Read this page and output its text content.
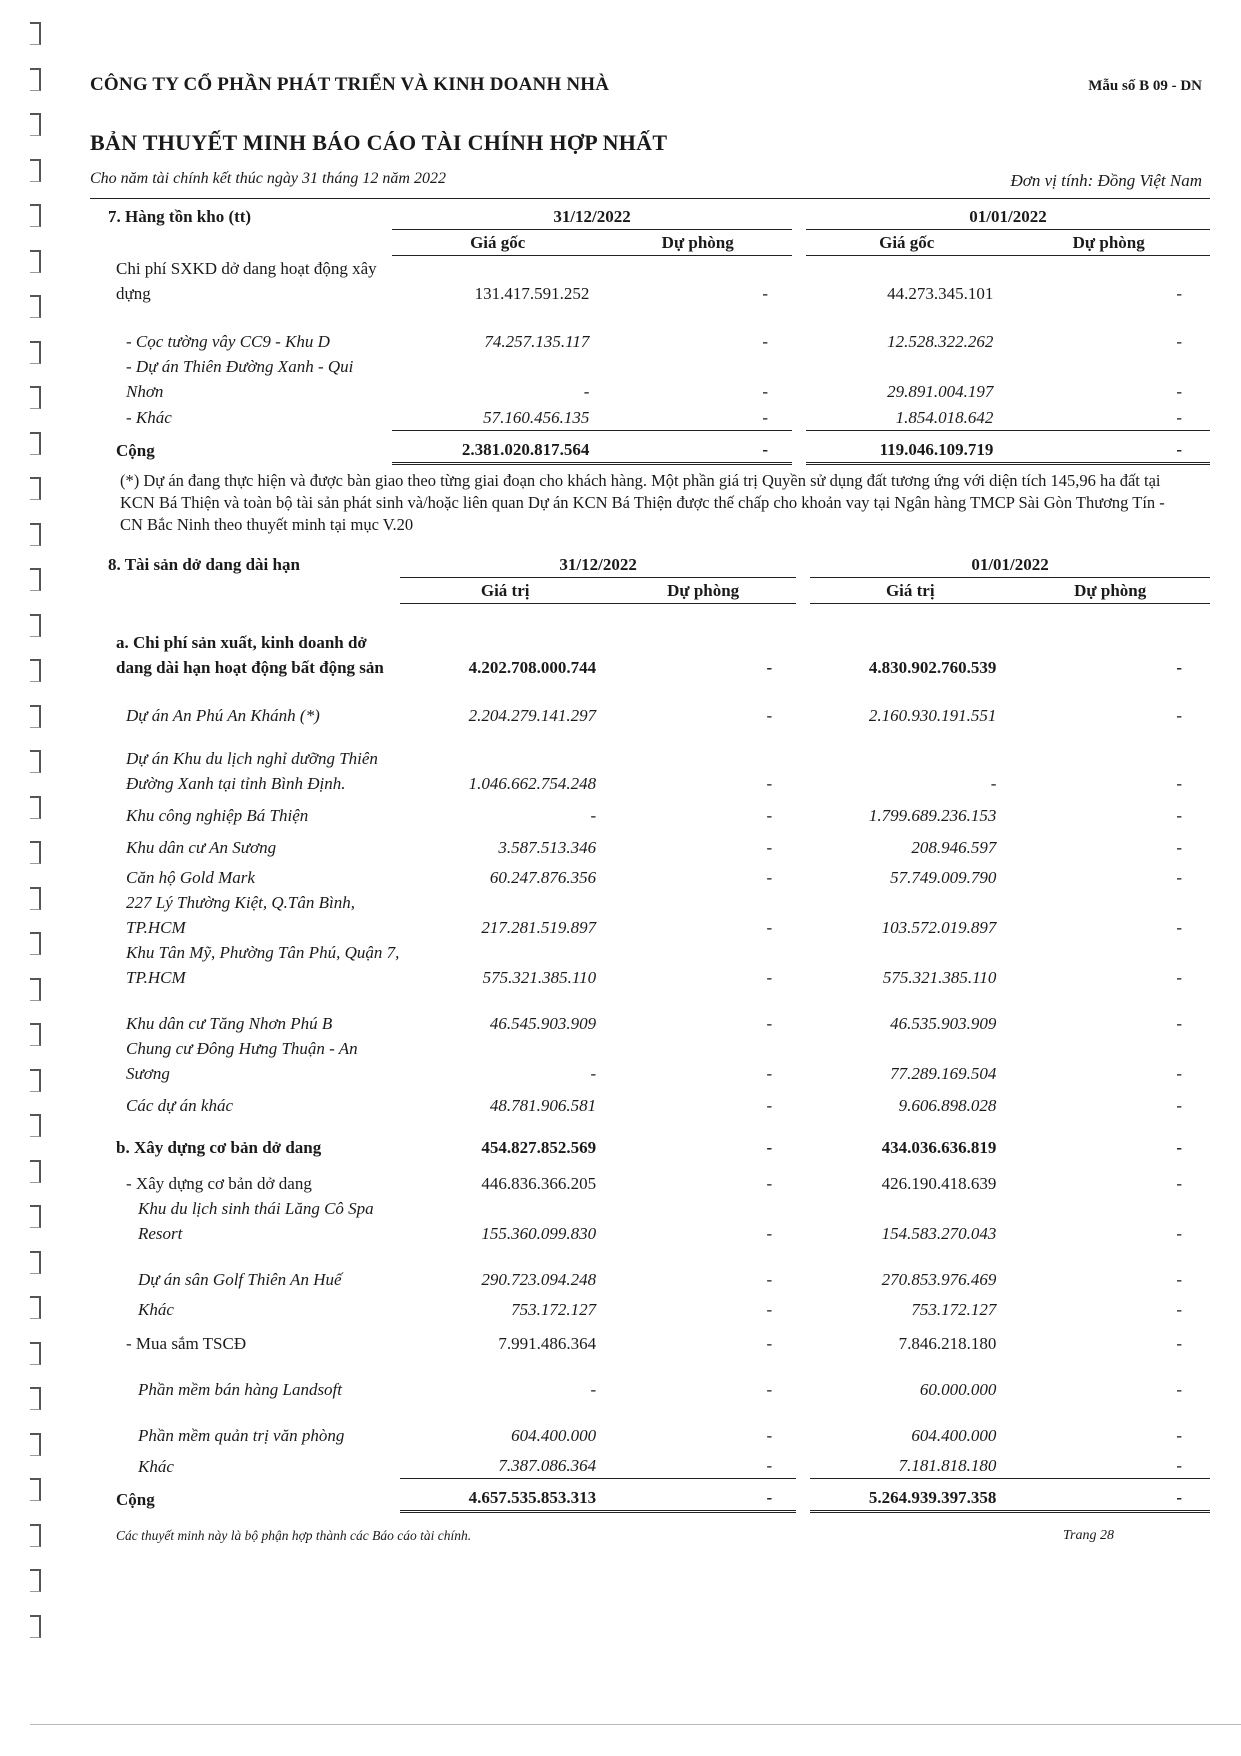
CÔNG TY CỔ PHẦN PHÁT TRIỂN VÀ KINH DOANH NHÀ	Mẫu số B 09 - DN
BẢN THUYẾT MINH BÁO CÁO TÀI CHÍNH HỢP NHẤT
Cho năm tài chính kết thúc ngày 31 tháng 12 năm 2022	Đơn vị tính: Đồng Việt Nam
7. Hàng tồn kho (tt)	31/12/2022		01/01/2022	
	Giá gốc	Dự phòng	Giá gốc	Dự phòng
Chi phí SXKD dở dang hoạt động xây dựng	131.417.591.252	-	44.273.345.101	-
- Cọc tường vây CC9 - Khu D	74.257.135.117	-	12.528.322.262	-
- Dự án Thiên Đường Xanh - Qui Nhơn	-	-	29.891.004.197	-
- Khác	57.160.456.135	-	1.854.018.642	-
Cộng	2.381.020.817.564	-	119.046.109.719	-
(*) Dự án đang thực hiện và được bàn giao theo từng giai đoạn cho khách hàng. Một phần giá trị Quyền sử dụng đất tương ứng với diện tích 145,96 ha đất tại KCN Bá Thiện và toàn bộ tài sản phát sinh và/hoặc liên quan Dự án KCN Bá Thiện được thế chấp cho khoản vay tại Ngân hàng TMCP Sài Gòn Thương Tín - CN Bắc Ninh theo thuyết minh tại mục V.20
8. Tài sản dở dang dài hạn	31/12/2022		01/01/2022	
	Giá trị	Dự phòng	Giá trị	Dự phòng
a. Chi phí sản xuất, kinh doanh dở dang dài hạn hoạt động bất động sản	4.202.708.000.744	-	4.830.902.760.539	-
Dự án An Phú An Khánh (*)	2.204.279.141.297	-	2.160.930.191.551	-
Dự án Khu du lịch nghỉ dưỡng Thiên Đường Xanh tại tỉnh Bình Định.	1.046.662.754.248	-	-	-
Khu công nghiệp Bá Thiện	-	-	1.799.689.236.153	-
Khu dân cư An Sương	3.587.513.346	-	208.946.597	-
Căn hộ Gold Mark	60.247.876.356	-	57.749.009.790	-
227 Lý Thường Kiệt, Q.Tân Bình, TP.HCM	217.281.519.897	-	103.572.019.897	-
Khu Tân Mỹ, Phường Tân Phú, Quận 7, TP.HCM	575.321.385.110	-	575.321.385.110	-
Khu dân cư Tăng Nhơn Phú B	46.545.903.909	-	46.535.903.909	-
Chung cư Đông Hưng Thuận - An Sương	-	-	77.289.169.504	-
Các dự án khác	48.781.906.581	-	9.606.898.028	-
b. Xây dựng cơ bản dở dang	454.827.852.569	-	434.036.636.819	-
- Xây dựng cơ bản dở dang	446.836.366.205	-	426.190.418.639	-
Khu du lịch sinh thái Lăng Cô Spa Resort	155.360.099.830	-	154.583.270.043	-
Dự án sân Golf Thiên An Huế	290.723.094.248	-	270.853.976.469	-
Khác	753.172.127	-	753.172.127	-
- Mua sắm TSCĐ	7.991.486.364	-	7.846.218.180	-
Phần mềm bán hàng Landsoft	-	-	60.000.000	-
Phần mềm quản trị văn phòng	604.400.000	-	604.400.000	-
Khác	7.387.086.364	-	7.181.818.180	-
Cộng	4.657.535.853.313	-	5.264.939.397.358	-
Các thuyết minh này là bộ phận hợp thành các Báo cáo tài chính.	Trang 28
